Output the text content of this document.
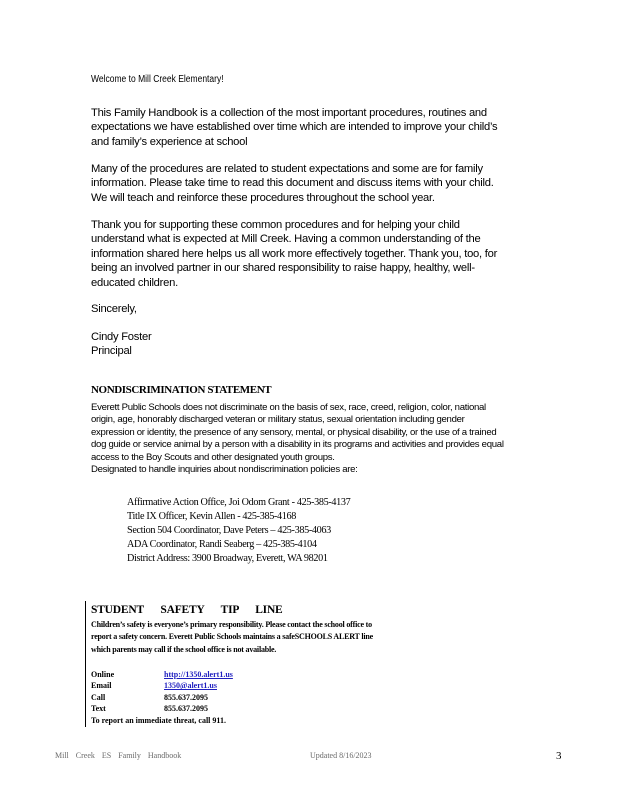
Welcome to Mill Creek Elementary!
This Family Handbook is a collection of the most important procedures, routines and
expectations we have established over time which are intended to improve your child’s
and family’s experience at school
Many of the procedures are related to student expectations and some are for family
information. Please take time to read this document and discuss items with your child.
We will teach and reinforce these procedures throughout the school year.
Thank you for supporting these common procedures and for helping your child
understand what is expected at Mill Creek. Having a common understanding of the
information shared here helps us all work more effectively together. Thank you, too, for
being an involved partner in our shared responsibility to raise happy, healthy, well-
educated children.
Sincerely,
Cindy Foster
Principal
NONDISCRIMINATION STATEMENT
Everett Public Schools does not discriminate on the basis of sex, race, creed, religion, color, national
origin, age, honorably discharged veteran or military status, sexual orientation including gender
expression or identity, the presence of any sensory, mental, or physical disability, or the use of a trained
dog guide or service animal by a person with a disability in its programs and activities and provides equal
access to the Boy Scouts and other designated youth groups.
Designated to handle inquiries about nondiscrimination policies are:
Affirmative Action Office, Joi Odom Grant - 425-385-4137
Title IX Officer, Kevin Allen - 425-385-4168
Section 504 Coordinator, Dave Peters – 425-385-4063
ADA Coordinator, Randi Seaberg – 425-385-4104
District Address: 3900 Broadway, Everett, WA 98201
STUDENT SAFETY TIP LINE
Children’s safety is everyone’s primary responsibility. Please contact the school office to
report a safety concern. Everett Public Schools maintains a safeSCHOOLS ALERT line
which parents may call if the school office is not available.
Online	http://1350.alert1.us
Email	1350@alert1.us
Call	855.637.2095
Text	855.637.2095
To report an immediate threat, call 911.
Mill Creek ES Family Handbook	Updated 8/16/2023	3
